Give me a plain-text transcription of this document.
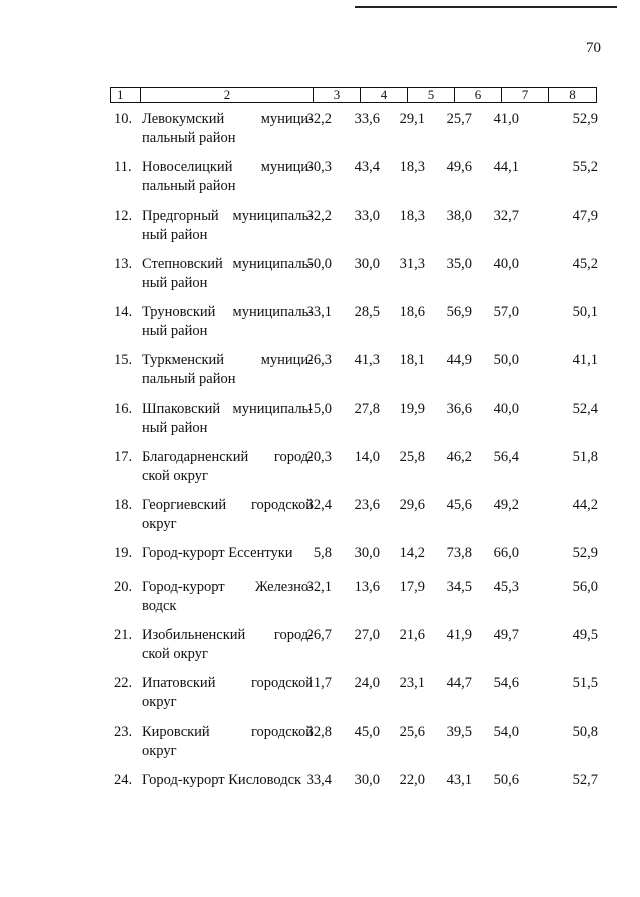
70
1	2	3	4	5	6	7	8
10. Левокумский муници-
пальный район
32,2	33,6	29,1	25,7	41,0	52,9
11. Новоселицкий муници-
пальный район
30,3	43,4	18,3	49,6	44,1	55,2
12. Предгорный муниципаль-
ный район
32,2	33,0	18,3	38,0	32,7	47,9
13. Степновский муниципаль-
ный район
50,0	30,0	31,3	35,0	40,0	45,2
14. Труновский муниципаль-
ный район
33,1	28,5	18,6	56,9	57,0	50,1
15. Туркменский муници-
пальный район
26,3	41,3	18,1	44,9	50,0	41,1
16. Шпаковский муниципаль-
ный район
15,0	27,8	19,9	36,6	40,0	52,4
17. Благодарненский город-
ской округ
20,3	14,0	25,8	46,2	56,4	51,8
18. Георгиевский городской
округ
32,4	23,6	29,6	45,6	49,2	44,2
19. Город-курорт Ессентуки	5,8	30,0	14,2	73,8	66,0	52,9
20. Город-курорт Железно-
водск
32,1	13,6	17,9	34,5	45,3	56,0
21. Изобильненский город-
ской округ
26,7	27,0	21,6	41,9	49,7	49,5
22. Ипатовский городской
округ
11,7	24,0	23,1	44,7	54,6	51,5
23. Кировский городской
округ
32,8	45,0	25,6	39,5	54,0	50,8
24. Город-курорт Кисловодск 33,4	30,0	22,0	43,1	50,6	52,7
